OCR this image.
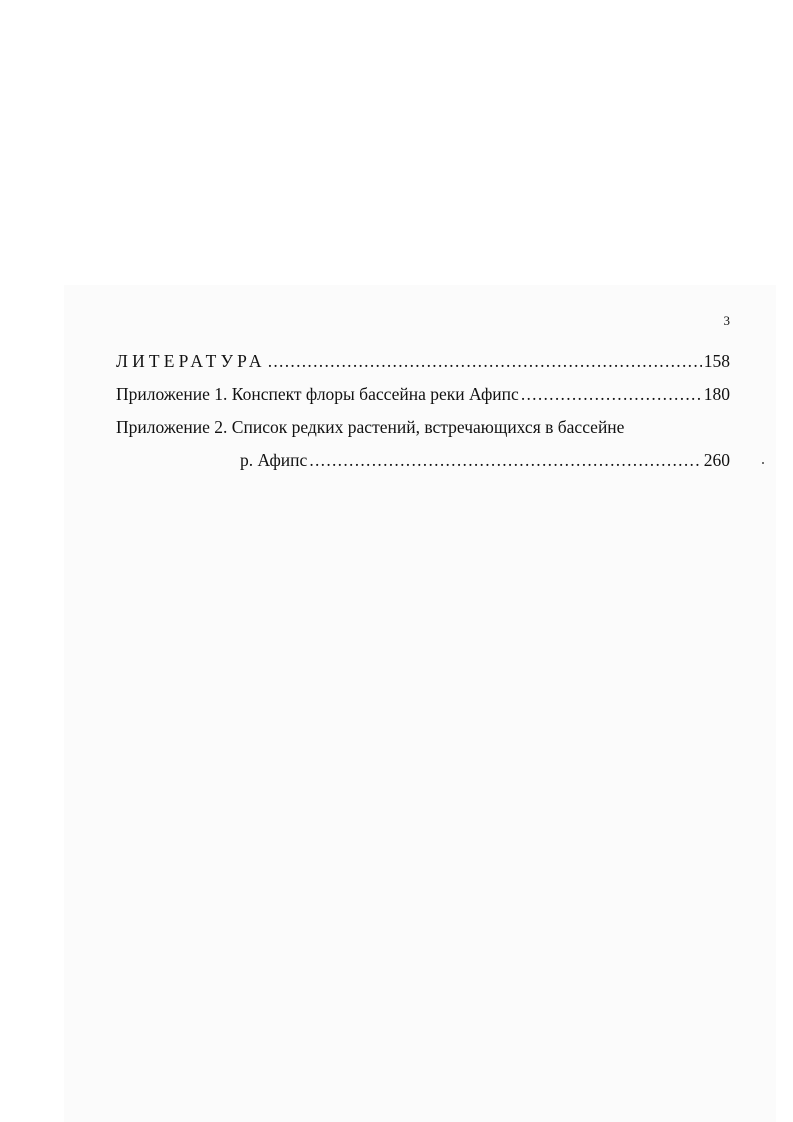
3
ЛИТЕРАТУРА .....	158
Приложение 1. Конспект флоры бассейна реки Афипс .....	180
Приложение 2. Список редких растений, встречающихся в бассейне
р. Афипс .....	260
